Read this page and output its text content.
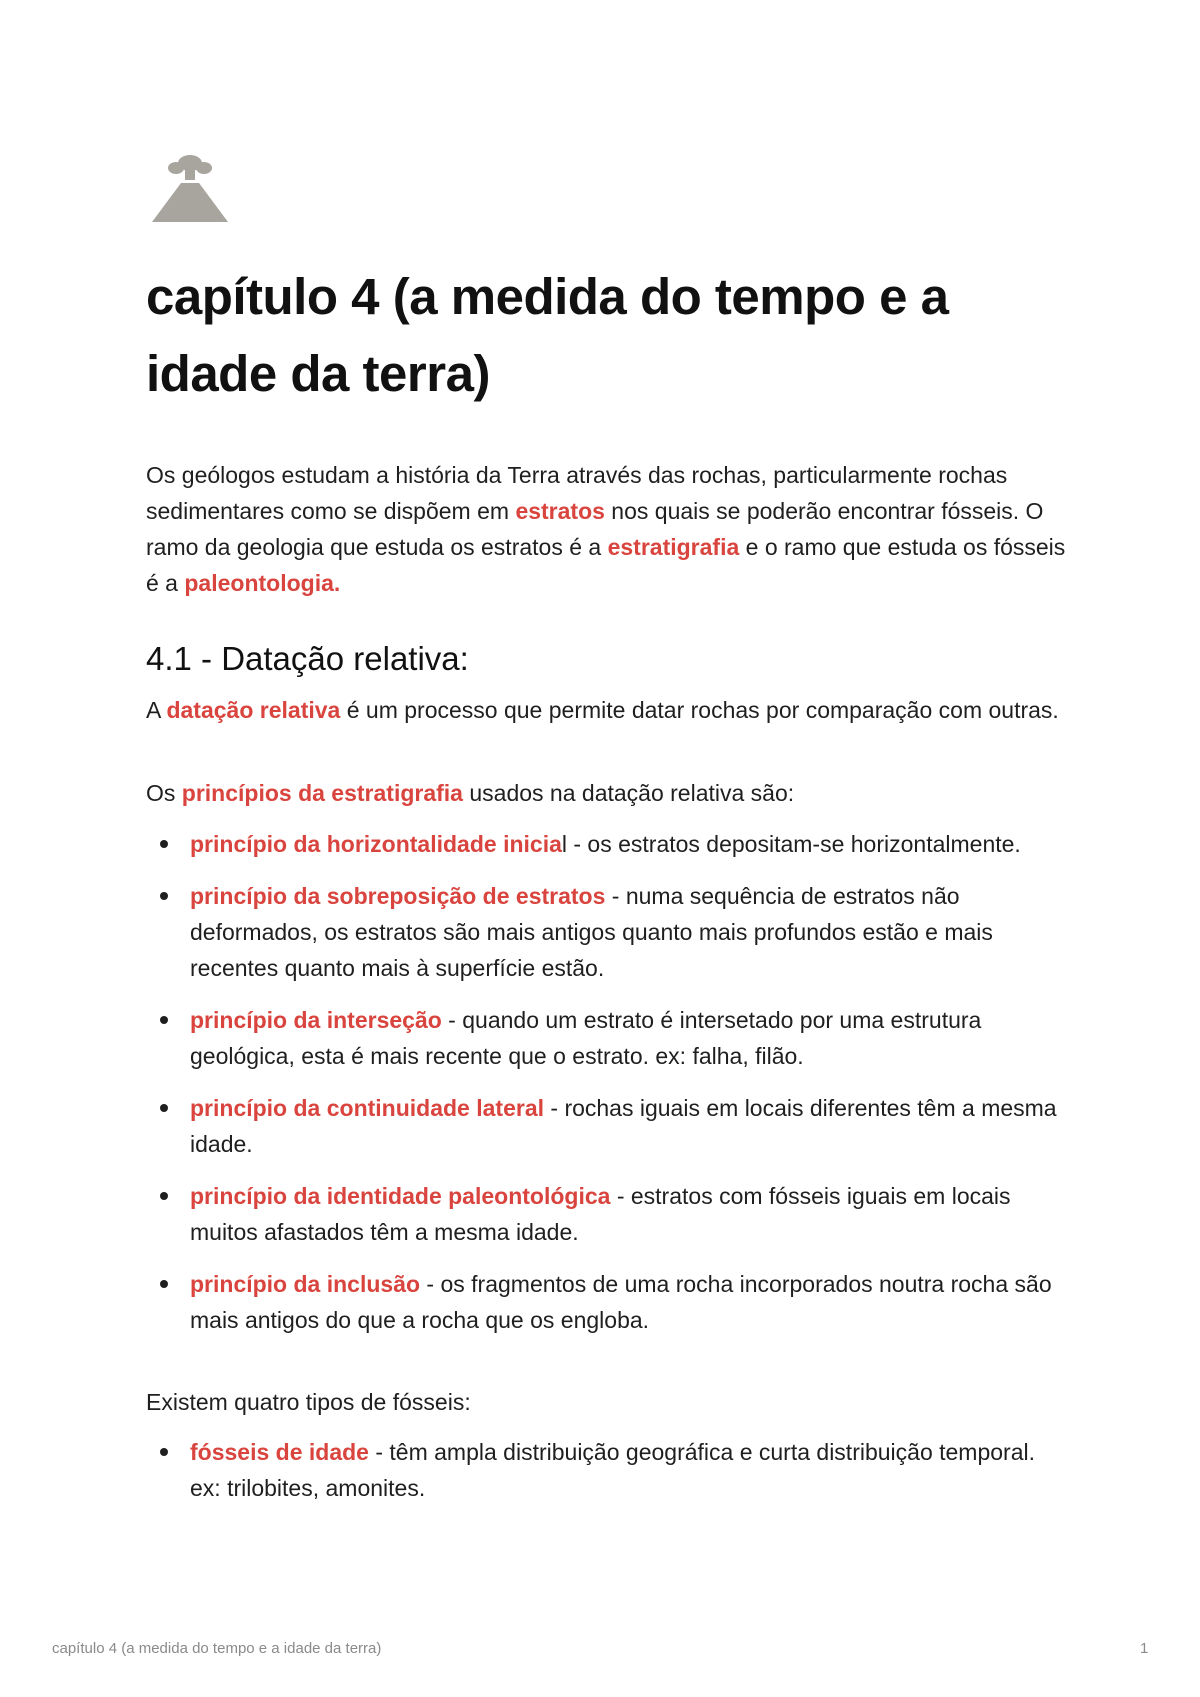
capítulo 4 (a medida do tempo e a idade da terra)

Os geólogos estudam a história da Terra através das rochas, particularmente rochas sedimentares como se dispõem em estratos nos quais se poderão encontrar fósseis. O ramo da geologia que estuda os estratos é a estratigrafia e o ramo que estuda os fósseis é a paleontologia.

4.1 - Datação relativa:

A datação relativa é um processo que permite datar rochas por comparação com outras.

Os princípios da estratigrafia usados na datação relativa são:

princípio da horizontalidade inicial - os estratos depositam-se horizontalmente.
princípio da sobreposição de estratos - numa sequência de estratos não deformados, os estratos são mais antigos quanto mais profundos estão e mais recentes quanto mais à superfície estão.
princípio da interseção - quando um estrato é intersetado por uma estrutura geológica, esta é mais recente que o estrato. ex: falha, filão.
princípio da continuidade lateral - rochas iguais em locais diferentes têm a mesma idade.
princípio da identidade paleontológica - estratos com fósseis iguais em locais muitos afastados têm a mesma idade.
princípio da inclusão - os fragmentos de uma rocha incorporados noutra rocha são mais antigos do que a rocha que os engloba.

Existem quatro tipos de fósseis:

fósseis de idade - têm ampla distribuição geográfica e curta distribuição temporal. ex: trilobites, amonites.
capítulo 4 (a medida do tempo e a idade da terra)	1
